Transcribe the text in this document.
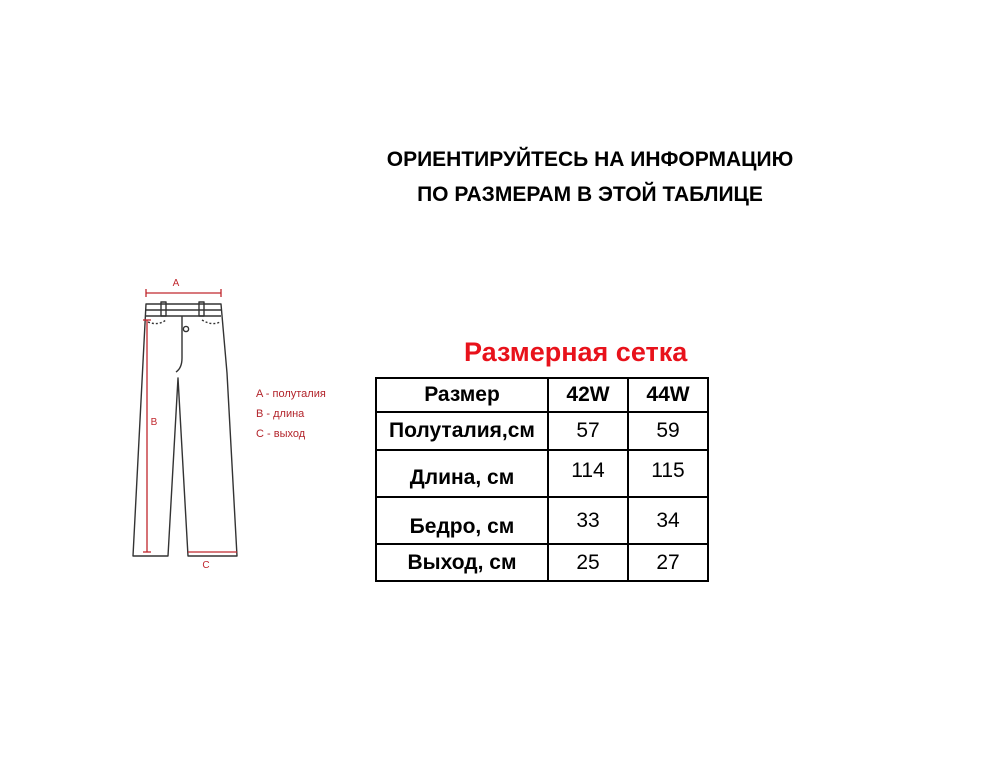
ОРИЕНТИРУЙТЕСЬ НА ИНФОРМАЦИЮ
ПО РАЗМЕРАМ В ЭТОЙ ТАБЛИЦЕ
A
B
C
A - полуталия
B - длина
C - выход
Размерная сетка
Размер	42W	44W
Полуталия,см	57	59
Длина, см	114	115
Бедро, см	33	34
Выход, см	25	27
